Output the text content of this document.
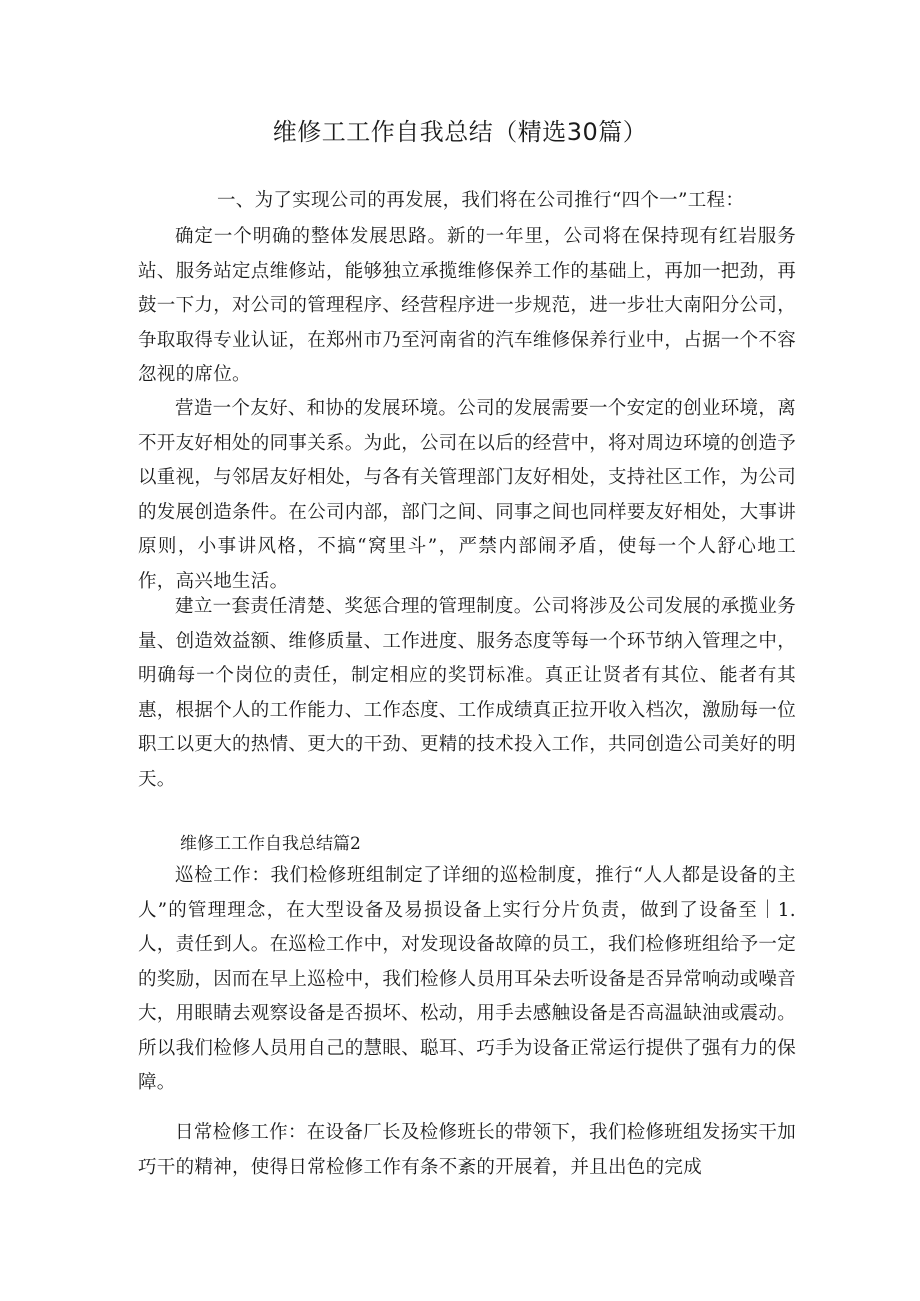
维修工工作自我总结（精选30篇）

一、为了实现公司的再发展，我们将在公司推行“四个一”工程：

确定一个明确的整体发展思路。新的一年里，公司将在保持现有红岩服务站、服务站定点维修站，能够独立承揽维修保养工作的基础上，再加一把劲，再鼓一下力，对公司的管理程序、经营程序进一步规范，进一步壮大南阳分公司，争取取得专业认证，在郑州市乃至河南省的汽车维修保养行业中，占据一个不容忽视的席位。

营造一个友好、和协的发展环境。公司的发展需要一个安定的创业环境，离不开友好相处的同事关系。为此，公司在以后的经营中，将对周边环境的创造予以重视，与邻居友好相处，与各有关管理部门友好相处，支持社区工作，为公司的发展创造条件。在公司内部，部门之间、同事之间也同样要友好相处，大事讲原则，小事讲风格，不搞“窝里斗”，严禁内部闹矛盾，使每一个人舒心地工作，高兴地生活。

建立一套责任清楚、奖惩合理的管理制度。公司将涉及公司发展的承揽业务量、创造效益额、维修质量、工作进度、服务态度等每一个环节纳入管理之中，明确每一个岗位的责任，制定相应的奖罚标准。真正让贤者有其位、能者有其惠，根据个人的工作能力、工作态度、工作成绩真正拉开收入档次，激励每一位职工以更大的热情、更大的干劲、更精的技术投入工作，共同创造公司美好的明天。

维修工工作自我总结篇2

巡检工作：我们检修班组制定了详细的巡检制度，推行“人人都是设备的主人”的管理理念，在大型设备及易损设备上实行分片负责，做到了设备至｜1.人，责任到人。在巡检工作中，对发现设备故障的员工，我们检修班组给予一定的奖励，因而在早上巡检中，我们检修人员用耳朵去听设备是否异常响动或噪音大，用眼睛去观察设备是否损坏、松动，用手去感触设备是否高温缺油或震动。所以我们检修人员用自己的慧眼、聪耳、巧手为设备正常运行提供了强有力的保障。

日常检修工作：在设备厂长及检修班长的带领下，我们检修班组发扬实干加巧干的精神，使得日常检修工作有条不紊的开展着，并且出色的完成
